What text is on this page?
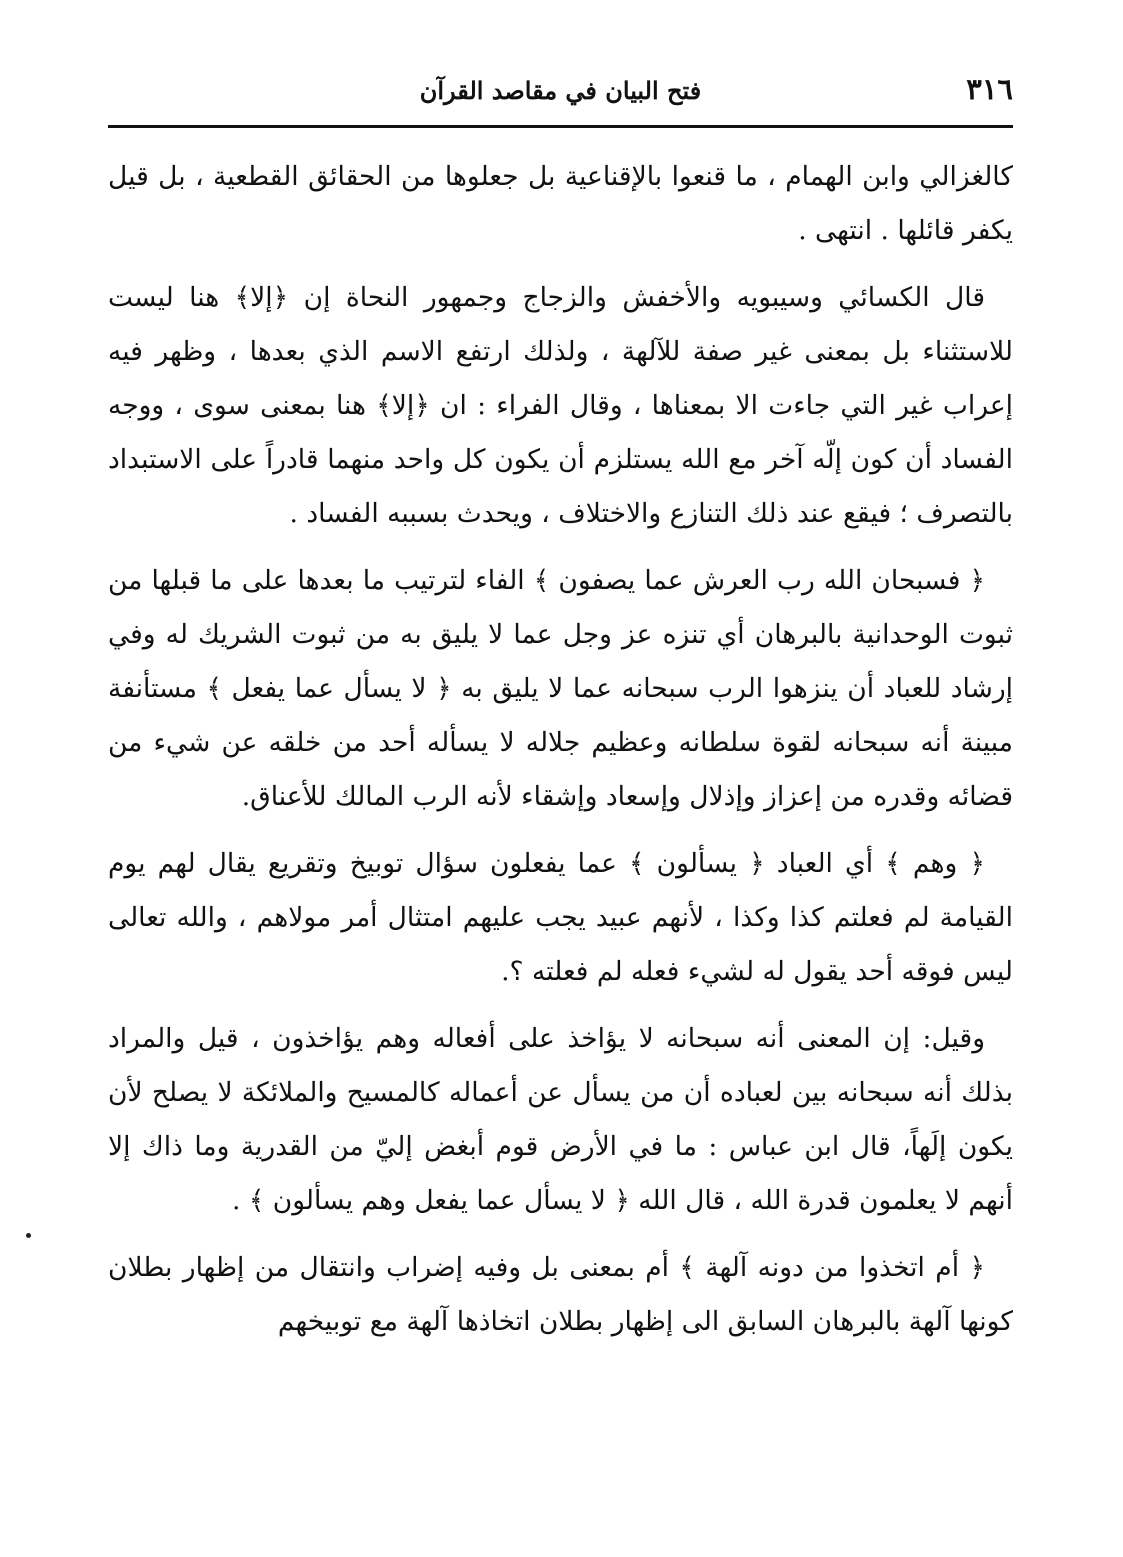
٣١٦
فتح البيان في مقاصد القرآن

كالغزالي وابن الهمام ، ما قنعوا بالإقناعية بل جعلوها من الحقائق القطعية ، بل قيل يكفر قائلها . انتهى .

قال الكسائي وسيبويه والأخفش والزجاج وجمهور النحاة إن ﴿إلا﴾ هنا ليست للاستثناء بل بمعنى غير صفة للآلهة ، ولذلك ارتفع الاسم الذي بعدها ، وظهر فيه إعراب غير التي جاءت الا بمعناها ، وقال الفراء : ان ﴿إلا﴾ هنا بمعنى سوى ، ووجه الفساد أن كون إلّه آخر مع الله يستلزم أن يكون كل واحد منهما قادراً على الاستبداد بالتصرف ؛ فيقع عند ذلك التنازع والاختلاف ، ويحدث بسببه الفساد .

﴿ فسبحان الله رب العرش عما يصفون ﴾ الفاء لترتيب ما بعدها على ما قبلها من ثبوت الوحدانية بالبرهان أي تنزه عز وجل عما لا يليق به من ثبوت الشريك له وفي إرشاد للعباد أن ينزهوا الرب سبحانه عما لا يليق به ﴿ لا يسأل عما يفعل ﴾ مستأنفة مبينة أنه سبحانه لقوة سلطانه وعظيم جلاله لا يسأله أحد من خلقه عن شيء من قضائه وقدره من إعزاز وإذلال وإسعاد وإشقاء لأنه الرب المالك للأعناق.

﴿ وهم ﴾ أي العباد ﴿ يسألون ﴾ عما يفعلون سؤال توبيخ وتقريع يقال لهم يوم القيامة لم فعلتم كذا وكذا ، لأنهم عبيد يجب عليهم امتثال أمر مولاهم ، والله تعالى ليس فوقه أحد يقول له لشيء فعله لم فعلته ؟.

وقيل: إن المعنى أنه سبحانه لا يؤاخذ على أفعاله وهم يؤاخذون ، قيل والمراد بذلك أنه سبحانه بين لعباده أن من يسأل عن أعماله كالمسيح والملائكة لا يصلح لأن يكون إلَهاً، قال ابن عباس : ما في الأرض قوم أبغض إليّ من القدرية وما ذاك إلا أنهم لا يعلمون قدرة الله ، قال الله ﴿ لا يسأل عما يفعل وهم يسألون ﴾ .

﴿ أم اتخذوا من دونه آلهة ﴾ أم بمعنى بل وفيه إضراب وانتقال من إظهار بطلان كونها آلهة بالبرهان السابق الى إظهار بطلان اتخاذها آلهة مع توبيخهم
